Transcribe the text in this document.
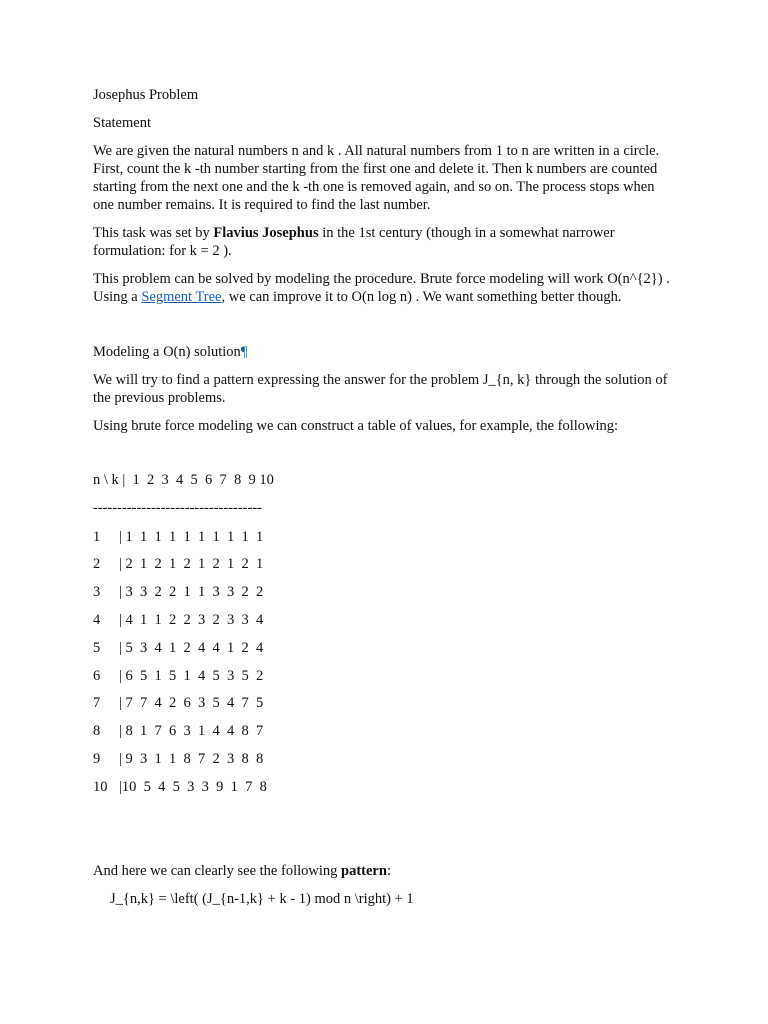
Josephus Problem

Statement

We are given the natural numbers n and k . All natural numbers from 1 to n are written in a circle. First, count the k -th number starting from the first one and delete it. Then k numbers are counted starting from the next one and the k -th one is removed again, and so on. The process stops when one number remains. It is required to find the last number.

This task was set by Flavius Josephus in the 1st century (though in a somewhat narrower formulation: for k = 2 ).

This problem can be solved by modeling the procedure. Brute force modeling will work O(n^{2}) . Using a Segment Tree, we can improve it to O(n log n) . We want something better though.

Modeling a O(n) solution¶

We will try to find a pattern expressing the answer for the problem J_{n, k} through the solution of the previous problems.

Using brute force modeling we can construct a table of values, for example, the following:

n \ k |  1  2  3  4  5  6  7  8  9 10
-----------------------------------
1 | 1  1  1  1  1  1  1  1  1  1
2 | 2  1  2  1  2  1  2  1  2  1
3 | 3  3  2  2  1  1  3  3  2  2
4 | 4  1  1  2  2  3  2  3  3  4
5 | 5  3  4  1  2  4  4  1  2  4
6 | 6  5  1  5  1  4  5  3  5  2
7 | 7  7  4  2  6  3  5  4  7  5
8 | 8  1  7  6  3  1  4  4  8  7
9 | 9  3  1  1  8  7  2  3  8  8
10 |10  5  4  5  3  3  9  1  7  8

And here we can clearly see the following pattern:

J_{n,k} = \left( (J_{n-1,k} + k - 1) mod n \right) + 1
